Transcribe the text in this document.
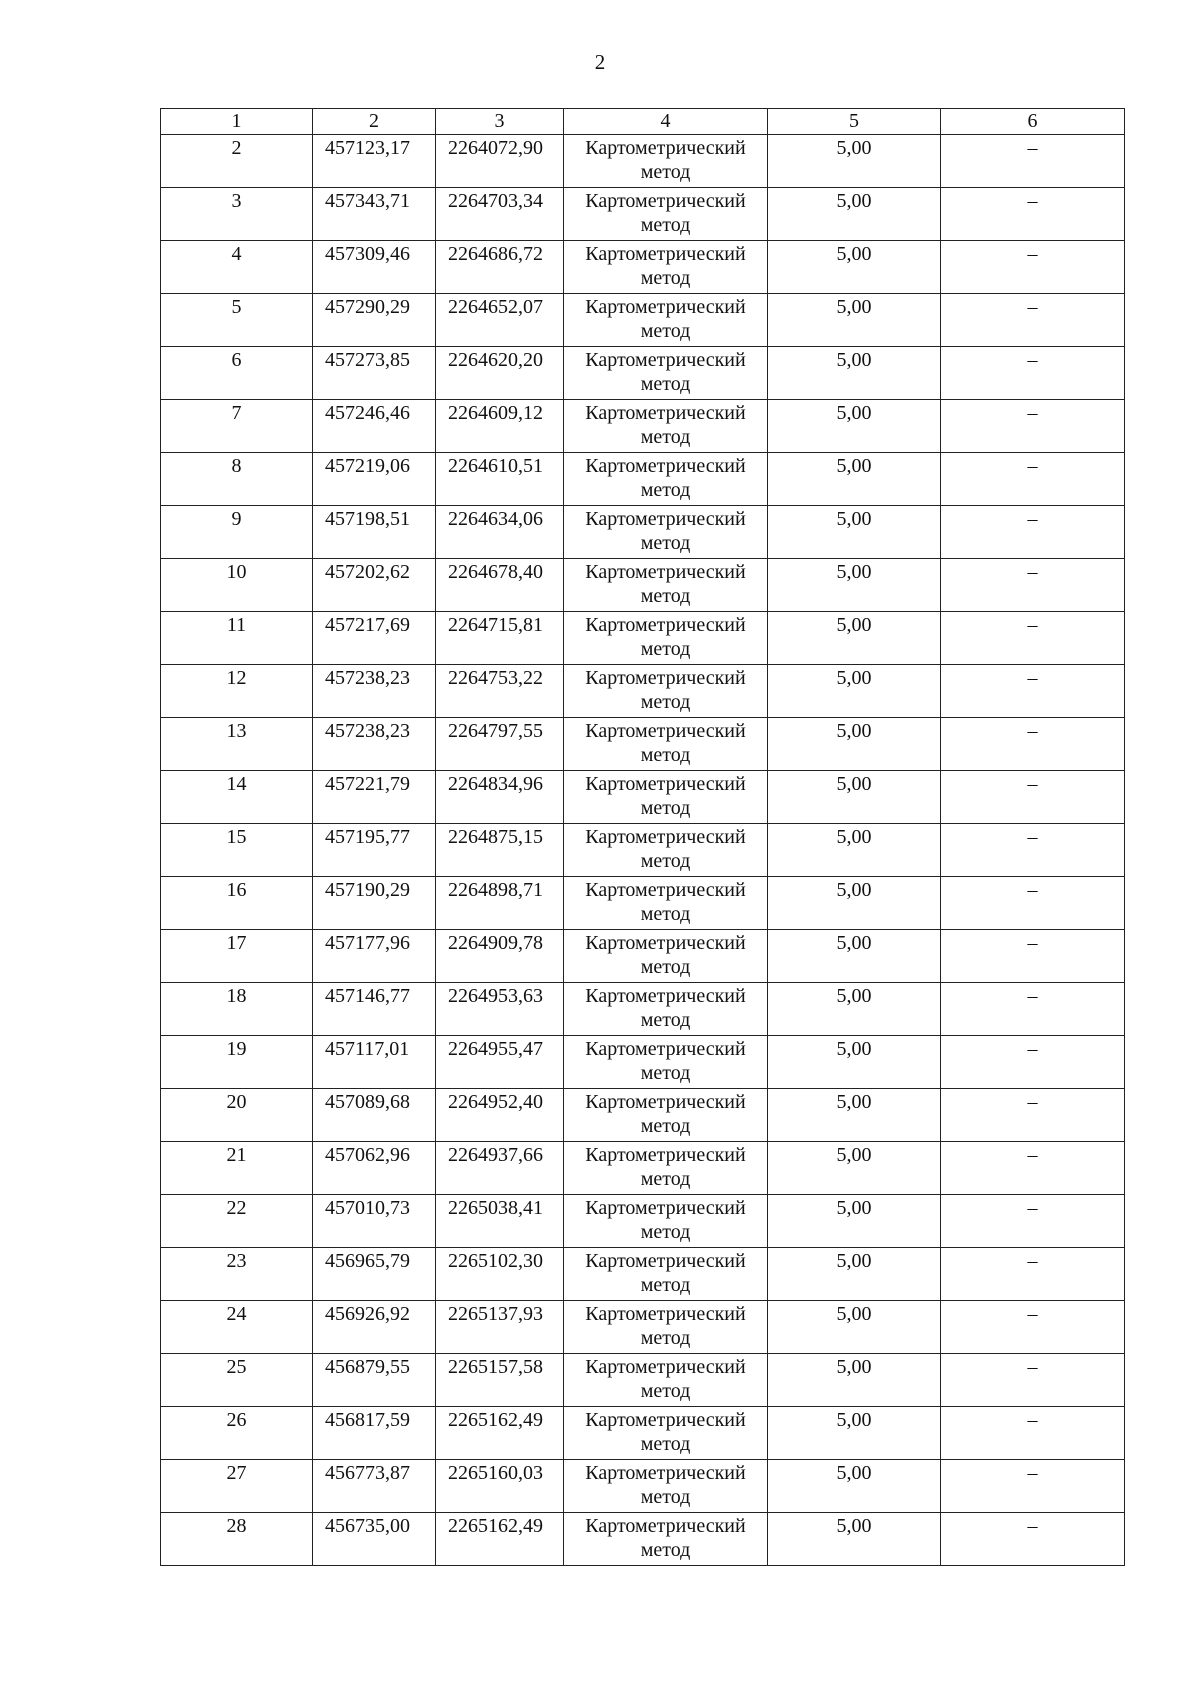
2
1	2	3	4	5	6
2	457123,17	2264072,90	Картометрический метод	5,00	–
3	457343,71	2264703,34	Картометрический метод	5,00	–
4	457309,46	2264686,72	Картометрический метод	5,00	–
5	457290,29	2264652,07	Картометрический метод	5,00	–
6	457273,85	2264620,20	Картометрический метод	5,00	–
7	457246,46	2264609,12	Картометрический метод	5,00	–
8	457219,06	2264610,51	Картометрический метод	5,00	–
9	457198,51	2264634,06	Картометрический метод	5,00	–
10	457202,62	2264678,40	Картометрический метод	5,00	–
11	457217,69	2264715,81	Картометрический метод	5,00	–
12	457238,23	2264753,22	Картометрический метод	5,00	–
13	457238,23	2264797,55	Картометрический метод	5,00	–
14	457221,79	2264834,96	Картометрический метод	5,00	–
15	457195,77	2264875,15	Картометрический метод	5,00	–
16	457190,29	2264898,71	Картометрический метод	5,00	–
17	457177,96	2264909,78	Картометрический метод	5,00	–
18	457146,77	2264953,63	Картометрический метод	5,00	–
19	457117,01	2264955,47	Картометрический метод	5,00	–
20	457089,68	2264952,40	Картометрический метод	5,00	–
21	457062,96	2264937,66	Картометрический метод	5,00	–
22	457010,73	2265038,41	Картометрический метод	5,00	–
23	456965,79	2265102,30	Картометрический метод	5,00	–
24	456926,92	2265137,93	Картометрический метод	5,00	–
25	456879,55	2265157,58	Картометрический метод	5,00	–
26	456817,59	2265162,49	Картометрический метод	5,00	–
27	456773,87	2265160,03	Картометрический метод	5,00	–
28	456735,00	2265162,49	Картометрический метод	5,00	–
